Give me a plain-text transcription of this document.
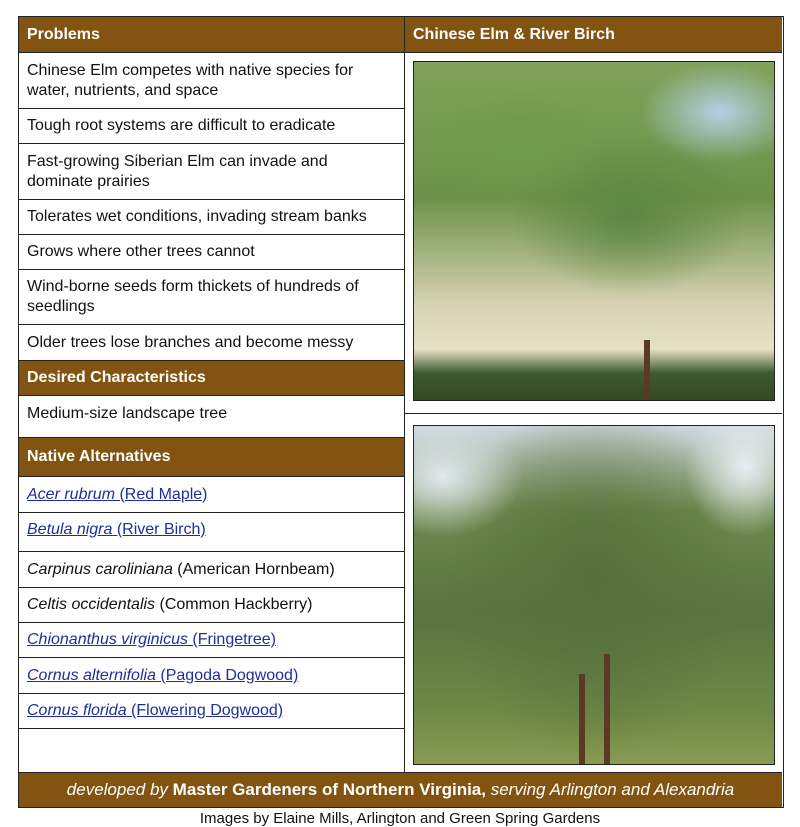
Problems
Chinese Elm competes with native species for water, nutrients, and space
Tough root systems are difficult to eradicate
Fast-growing Siberian Elm can invade and dominate prairies
Tolerates wet conditions, invading stream banks
Grows where other trees cannot
Wind-borne seeds form thickets of hundreds of seedlings
Older trees lose branches and become messy
Desired Characteristics
Medium-size landscape tree
Native Alternatives
Acer rubrum (Red Maple)
Betula nigra (River Birch)
Carpinus caroliniana (American Hornbeam)
Celtis occidentalis (Common Hackberry)
Chionanthus virginicus (Fringetree)
Cornus alternifolia (Pagoda Dogwood)
Cornus florida (Flowering Dogwood)
Chinese Elm & River Birch
developed by Master Gardeners of Northern Virginia, serving Arlington and Alexandria
Images by Elaine Mills, Arlington and Green Spring Gardens
